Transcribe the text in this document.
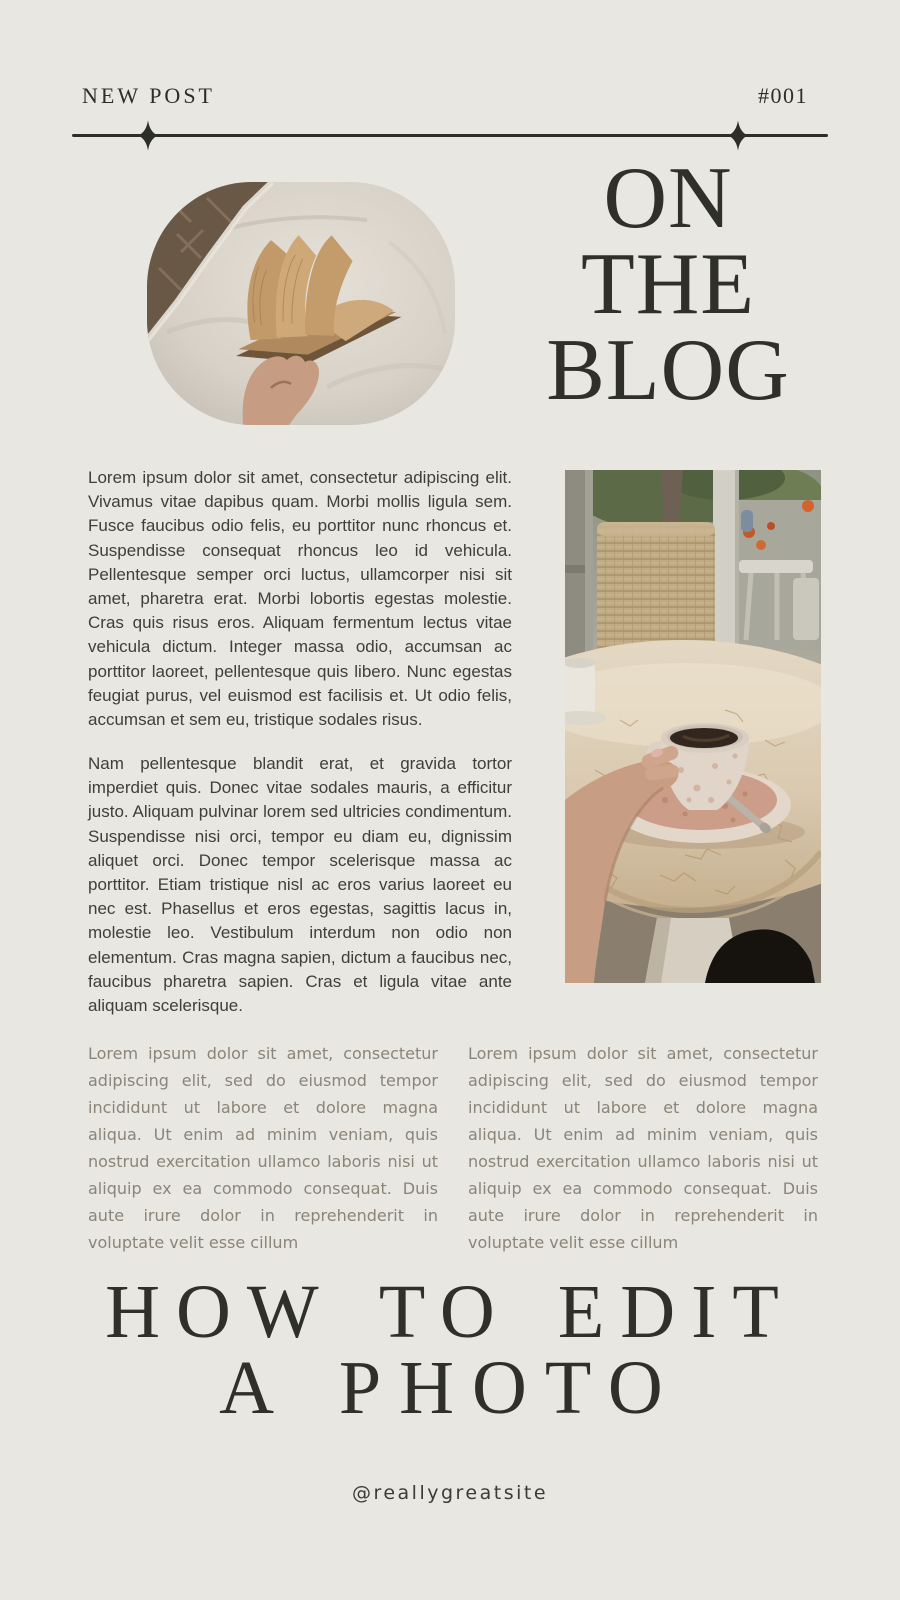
NEW POST	#001
ON
THE
BLOG
Lorem ipsum dolor sit amet, consectetur adipiscing elit. Vivamus vitae dapibus quam. Morbi mollis ligula sem. Fusce faucibus odio felis, eu porttitor nunc rhoncus et. Suspendisse consequat rhoncus leo id vehicula. Pellentesque semper orci luctus, ullamcorper nisi sit amet, pharetra erat. Morbi lobortis egestas molestie. Cras quis risus eros. Aliquam fermentum lectus vitae vehicula dictum. Integer massa odio, accumsan ac porttitor laoreet, pellentesque quis libero. Nunc egestas feugiat purus, vel euismod est facilisis et. Ut odio felis, accumsan et sem eu, tristique sodales risus.
Nam pellentesque blandit erat, et gravida tortor imperdiet quis. Donec vitae sodales mauris, a efficitur justo. Aliquam pulvinar lorem sed ultricies condimentum. Suspendisse nisi orci, tempor eu diam eu, dignissim aliquet orci. Donec tempor scelerisque massa ac porttitor. Etiam tristique nisl ac eros varius laoreet eu nec est. Phasellus et eros egestas, sagittis lacus in, molestie leo. Vestibulum interdum non odio non elementum. Cras magna sapien, dictum a faucibus nec, faucibus pharetra sapien. Cras et ligula vitae ante aliquam scelerisque.
Lorem ipsum dolor sit amet, consectetur adipiscing elit, sed do eiusmod tempor incididunt ut labore et dolore magna aliqua. Ut enim ad minim veniam, quis nostrud exercitation ullamco laboris nisi ut aliquip ex ea commodo consequat. Duis aute irure dolor in reprehenderit in voluptate velit esse cillum
Lorem ipsum dolor sit amet, consectetur adipiscing elit, sed do eiusmod tempor incididunt ut labore et dolore magna aliqua. Ut enim ad minim veniam, quis nostrud exercitation ullamco laboris nisi ut aliquip ex ea commodo consequat. Duis aute irure dolor in reprehenderit in voluptate velit esse cillum
HOW TO EDIT
A PHOTO
@reallygreatsite
